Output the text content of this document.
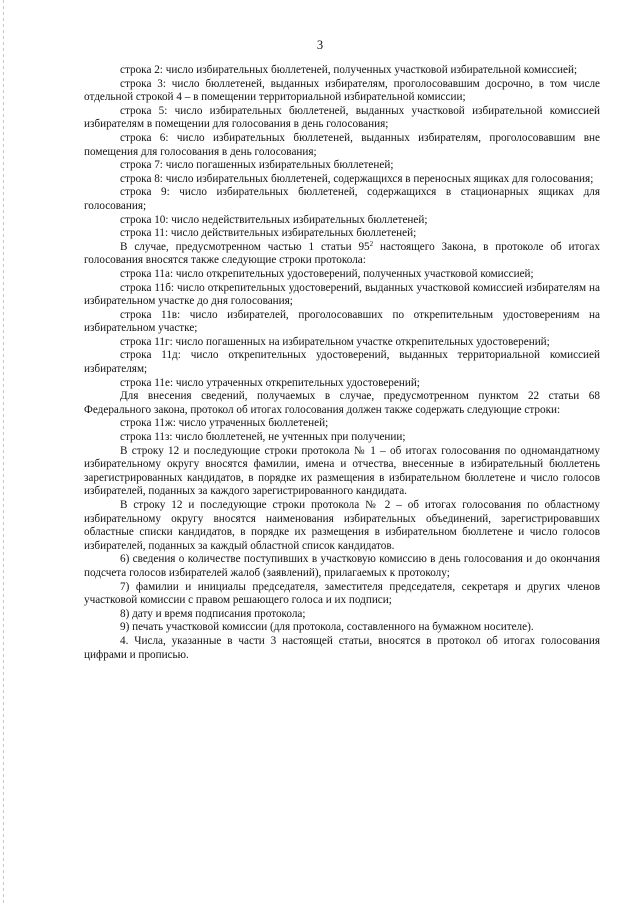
3

строка 2: число избирательных бюллетеней, полученных участковой избирательной комиссией;

строка 3: число бюллетеней, выданных избирателям, проголосовавшим досрочно, в том числе отдельной строкой 4 – в помещении территориальной избирательной комиссии;

строка 5: число избирательных бюллетеней, выданных участковой избирательной комиссией избирателям в помещении для голосования в день голосования;

строка 6: число избирательных бюллетеней, выданных избирателям, проголосовавшим вне помещения для голосования в день голосования;

строка 7: число погашенных избирательных бюллетеней;

строка 8: число избирательных бюллетеней, содержащихся в переносных ящиках для голосования;

строка 9: число избирательных бюллетеней, содержащихся в стационарных ящиках для голосования;

строка 10: число недействительных избирательных бюллетеней;

строка 11: число действительных избирательных бюллетеней;

В случае, предусмотренном частью 1 статьи $95^2$ настоящего Закона, в протоколе об итогах голосования вносятся также следующие строки протокола:

строка 11а: число открепительных удостоверений, полученных участковой комиссией;

строка 11б: число открепительных удостоверений, выданных участковой комиссией избирателям на избирательном участке до дня голосования;

строка 11в: число избирателей, проголосовавших по открепительным удостоверениям на избирательном участке;

строка 11г: число погашенных на избирательном участке открепительных удостоверений;

строка 11д: число открепительных удостоверений, выданных территориальной комиссией избирателям;

строка 11е: число утраченных открепительных удостоверений;

Для внесения сведений, получаемых в случае, предусмотренном пунктом 22 статьи 68 Федерального закона, протокол об итогах голосования должен также содержать следующие строки:

строка 11ж: число утраченных бюллетеней;

строка 11з: число бюллетеней, не учтенных при получении;

В строку 12 и последующие строки протокола № 1 – об итогах голосования по одномандатному избирательному округу вносятся фамилии, имена и отчества, внесенные в избирательный бюллетень зарегистрированных кандидатов, в порядке их размещения в избирательном бюллетене и число голосов избирателей, поданных за каждого зарегистрированного кандидата.

В строку 12 и последующие строки протокола № 2 – об итогах голосования по областному избирательному округу вносятся наименования избирательных объединений, зарегистрировавших областные списки кандидатов, в порядке их размещения в избирательном бюллетене и число голосов избирателей, поданных за каждый областной список кандидатов.

6) сведения о количестве поступивших в участковую комиссию в день голосования и до окончания подсчета голосов избирателей жалоб (заявлений), прилагаемых к протоколу;

7) фамилии и инициалы председателя, заместителя председателя, секретаря и других членов участковой комиссии с правом решающего голоса и их подписи;

8) дату и время подписания протокола;

9) печать участковой комиссии (для протокола, составленного на бумажном носителе).

4. Числа, указанные в части 3 настоящей статьи, вносятся в протокол об итогах голосования цифрами и прописью.
